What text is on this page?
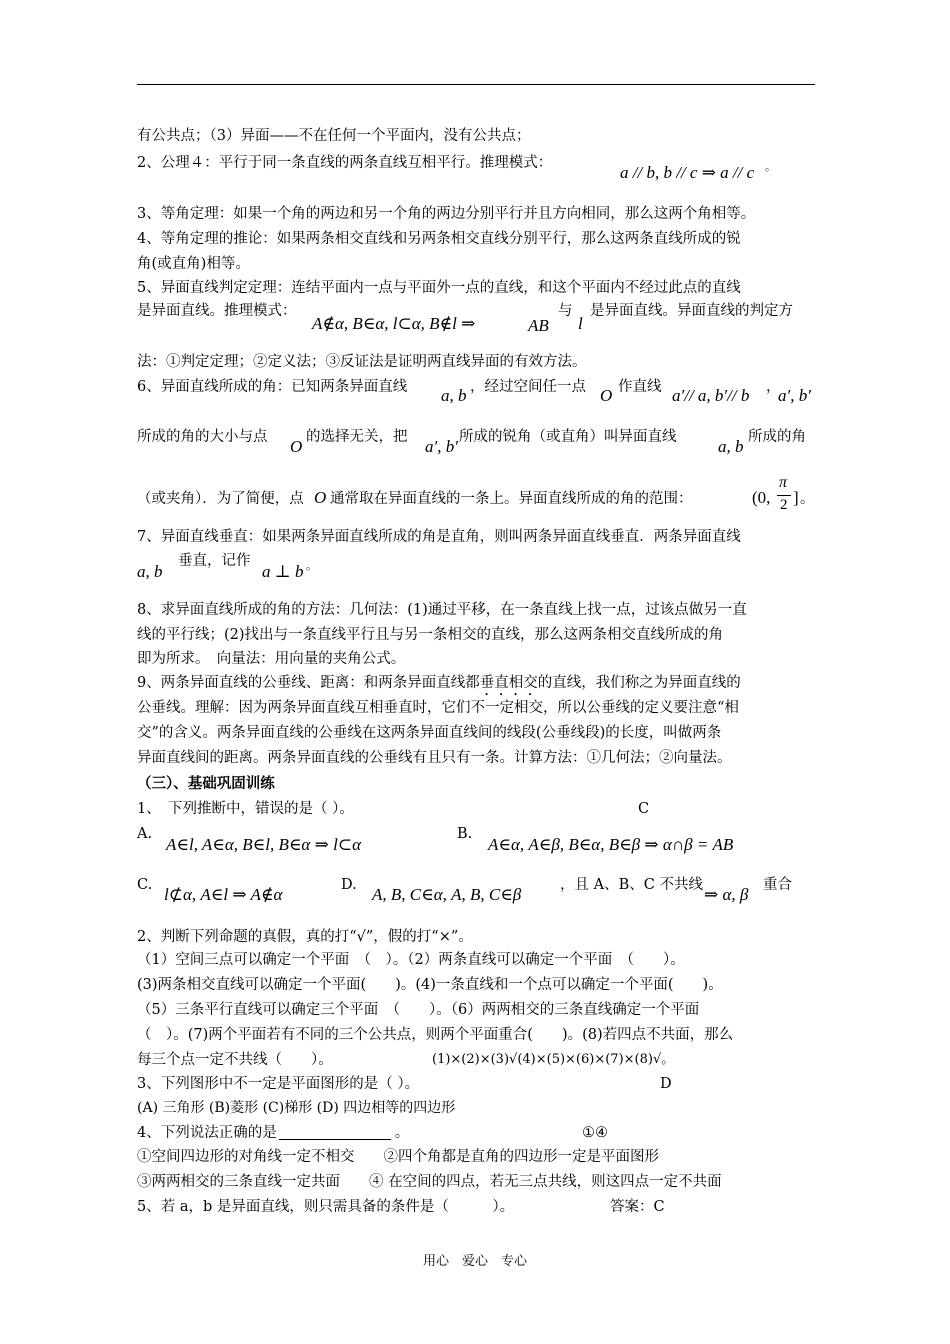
有公共点；（3）异面——不在任何一个平面内，没有公共点；
2、公理４：平行于同一条直线的两条直线互相平行。推理模式：	a // b, b // c ⇒ a // c 。
3、等角定理：如果一个角的两边和另一个角的两边分别平行并且方向相同，那么这两个角相等。
4、等角定理的推论：如果两条相交直线和另两条相交直线分别平行，那么这两条直线所成的锐
角(或直角)相等。
5、异面直线判定定理：连结平面内一点与平面外一点的直线，和这个平面内不经过此点的直线
是异面直线。推理模式：
A∉α, B∈α, l⊂α, B∉l ⇒	AB
与
l
是异面直线。异面直线的判定方
法：①判定定理；②定义法；③反证法是证明两直线异面的有效方法。
6、异面直线所成的角：已知两条异面直线 a, b ，经过空间任一点 O 作直线 a′// a, b′// b ，
a′, b′
所成的角的大小与点 O 的选择无关，把 a′, b′ 所成的锐角（或直角）叫异面直线 a, b 所成的角
（或夹角）．为了简便，点 O 通常取在异面直线的一条上。异面直线所成的角的范围：	(0,
π
2 ] 。
7、异面直线垂直：如果两条异面直线所成的角是直角，则叫两条异面直线垂直．两条异面直线
a, b
垂直，记作
a ⊥ b 。
8、求异面直线所成的角的方法：几何法：(1)通过平移，在一条直线上找一点，过该点做另一直
线的平行线；(2)找出与一条直线平行且与另一条相交的直线，那么这两条相交直线所成的角
即为所求。　向量法：用向量的夹角公式。
9、两条异面直线的公垂线、距离：和两条异面直线都垂直相交的直线，我们称之为异面直线的
公垂线。理解：因为两条异面直线互相垂直时，它们不一定相交，所以公垂线的定义要注意“相
交”的含义。两条异面直线的公垂线在这两条异面直线间的线段(公垂线段)的长度，叫做两条
异面直线间的距离。两条异面直线的公垂线有且只有一条。计算方法：①几何法；②向量法。
（三）、基础巩固训练
1、　下列推断中，错误的是（ ）。	C
A.
A∈l, A∈α, B∈l, B∈α ⇒ l⊂α
B.
A∈α, A∈β, B∈α, B∈β ⇒ α∩β = AB
C. l⊄α, A∈l ⇒ A∉α	D. A, B, C∈α, A, B, C∈β	，且 A、B、C 不共线 ⇒ α, β 重合
2、判断下列命题的真假，真的打“√”，假的打“×”。
（1）空间三点可以确定一个平面　（　）。（2）两条直线可以确定一个平面　（　　）。
(3)两条相交直线可以确定一个平面(　　)。(4)一条直线和一个点可以确定一个平面(　　)。
（5）三条平行直线可以确定三个平面　（　　）。（6）两两相交的三条直线确定一个平面
（　）。(7)两个平面若有不同的三个公共点，则两个平面重合(　　)。(8)若四点不共面，那么
每三个点一定不共线（　　）。	(1)×(2)×(3)√(4)×(5)×(6)×(7)×(8)√。
3、下列图形中不一定是平面图形的是（ ）。	D
(A) 三角形 (B)菱形 (C)梯形 (D) 四边相等的四边形
4、下列说法正确的是	。	①④
①空间四边形的对角线一定不相交　　②四个角都是直角的四边形一定是平面图形
③两两相交的三条直线一定共面　　④ 在空间的四点，若无三点共线，则这四点一定不共面
5、若 a，b 是异面直线，则只需具备的条件是（　　　）。	答案：C
用心　爱心　专心
